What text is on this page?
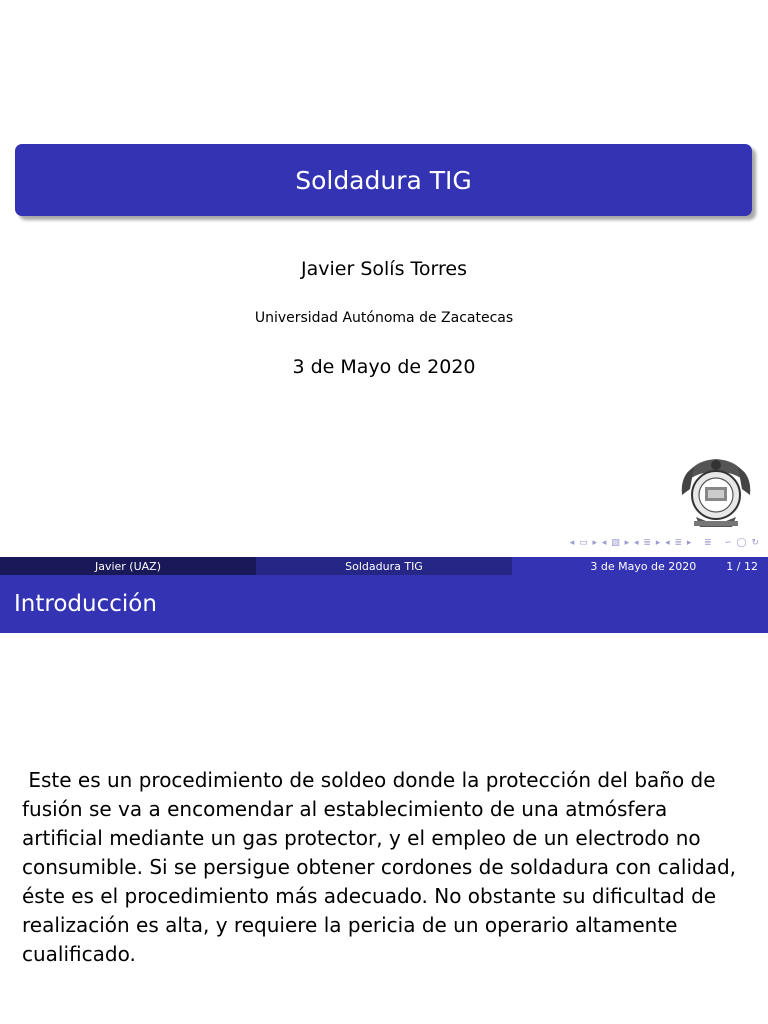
Soldadura TIG
Javier Solís Torres
Universidad Autónoma de Zacatecas
3 de Mayo de 2020
◂ ▭ ▸ ◂ ▨ ▸ ◂ ≣ ▸ ◂ ≣ ▸   ≣   ∽ ◯ ↻
Javier (UAZ)	Soldadura TIG	3 de Mayo de 2020	1 / 12
Introducción
Este es un procedimiento de soldeo donde la protección del baño de fusión se va a encomendar al establecimiento de una atmósfera artificial mediante un gas protector, y el empleo de un electrodo no consumible. Si se persigue obtener cordones de soldadura con calidad, éste es el procedimiento más adecuado. No obstante su dificultad de realización es alta, y requiere la pericia de un operario altamente cualificado.
